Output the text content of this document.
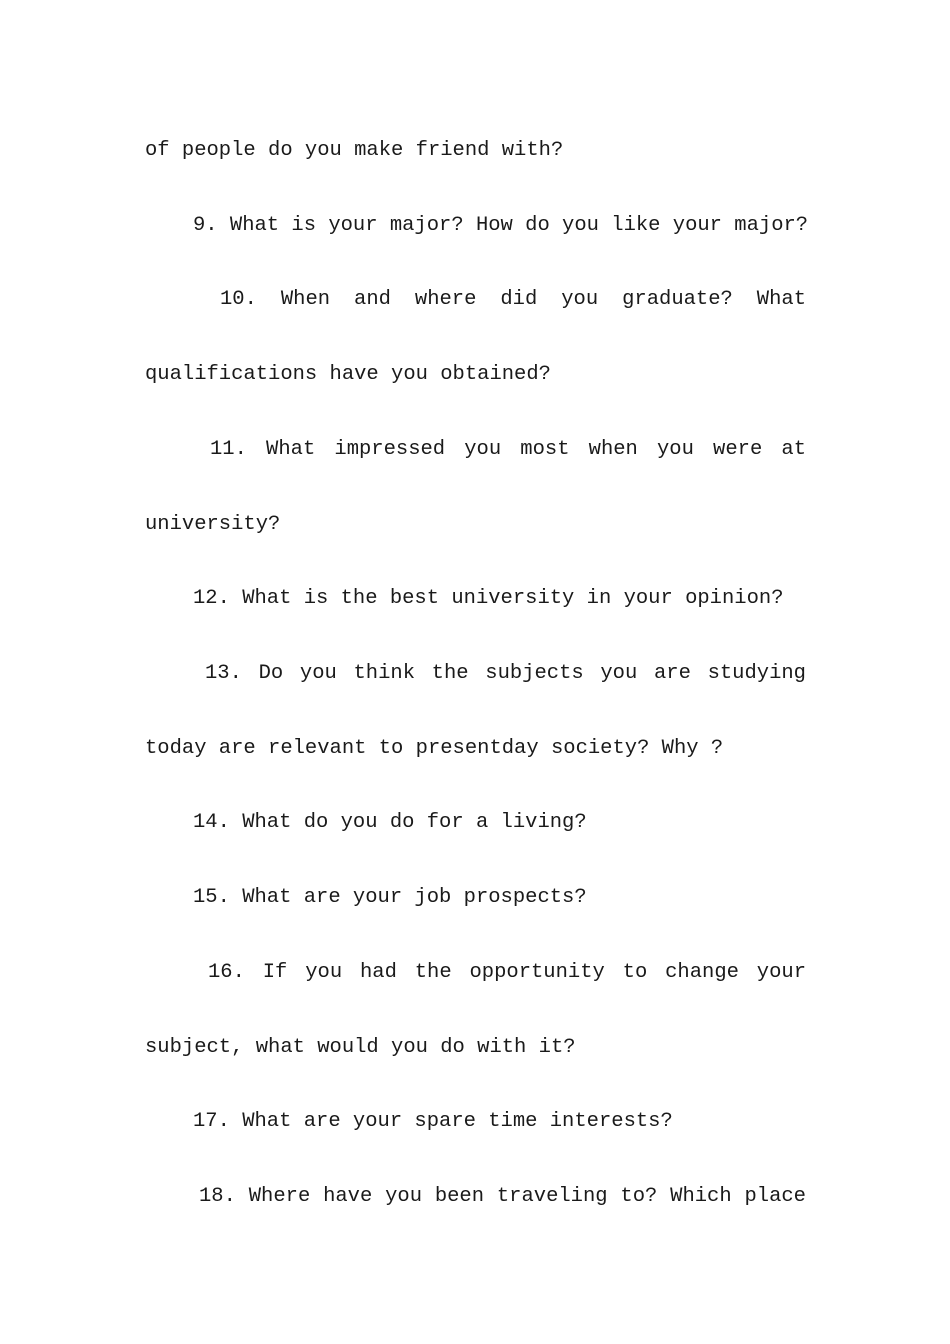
of people do you make friend with?
9. What is your major? How do you like your major?
10. When and where did you graduate? What
qualifications have you obtained?
11. What impressed you most when you were at
university?
12. What is the best university in your opinion?
13. Do you think the subjects you are studying
today are relevant to presentday society? Why ?
14. What do you do for a living?
15. What are your job prospects?
16. If you had the opportunity to change your
subject, what would you do with it?
17. What are your spare time interests?
18. Where have you been traveling to? Which place
